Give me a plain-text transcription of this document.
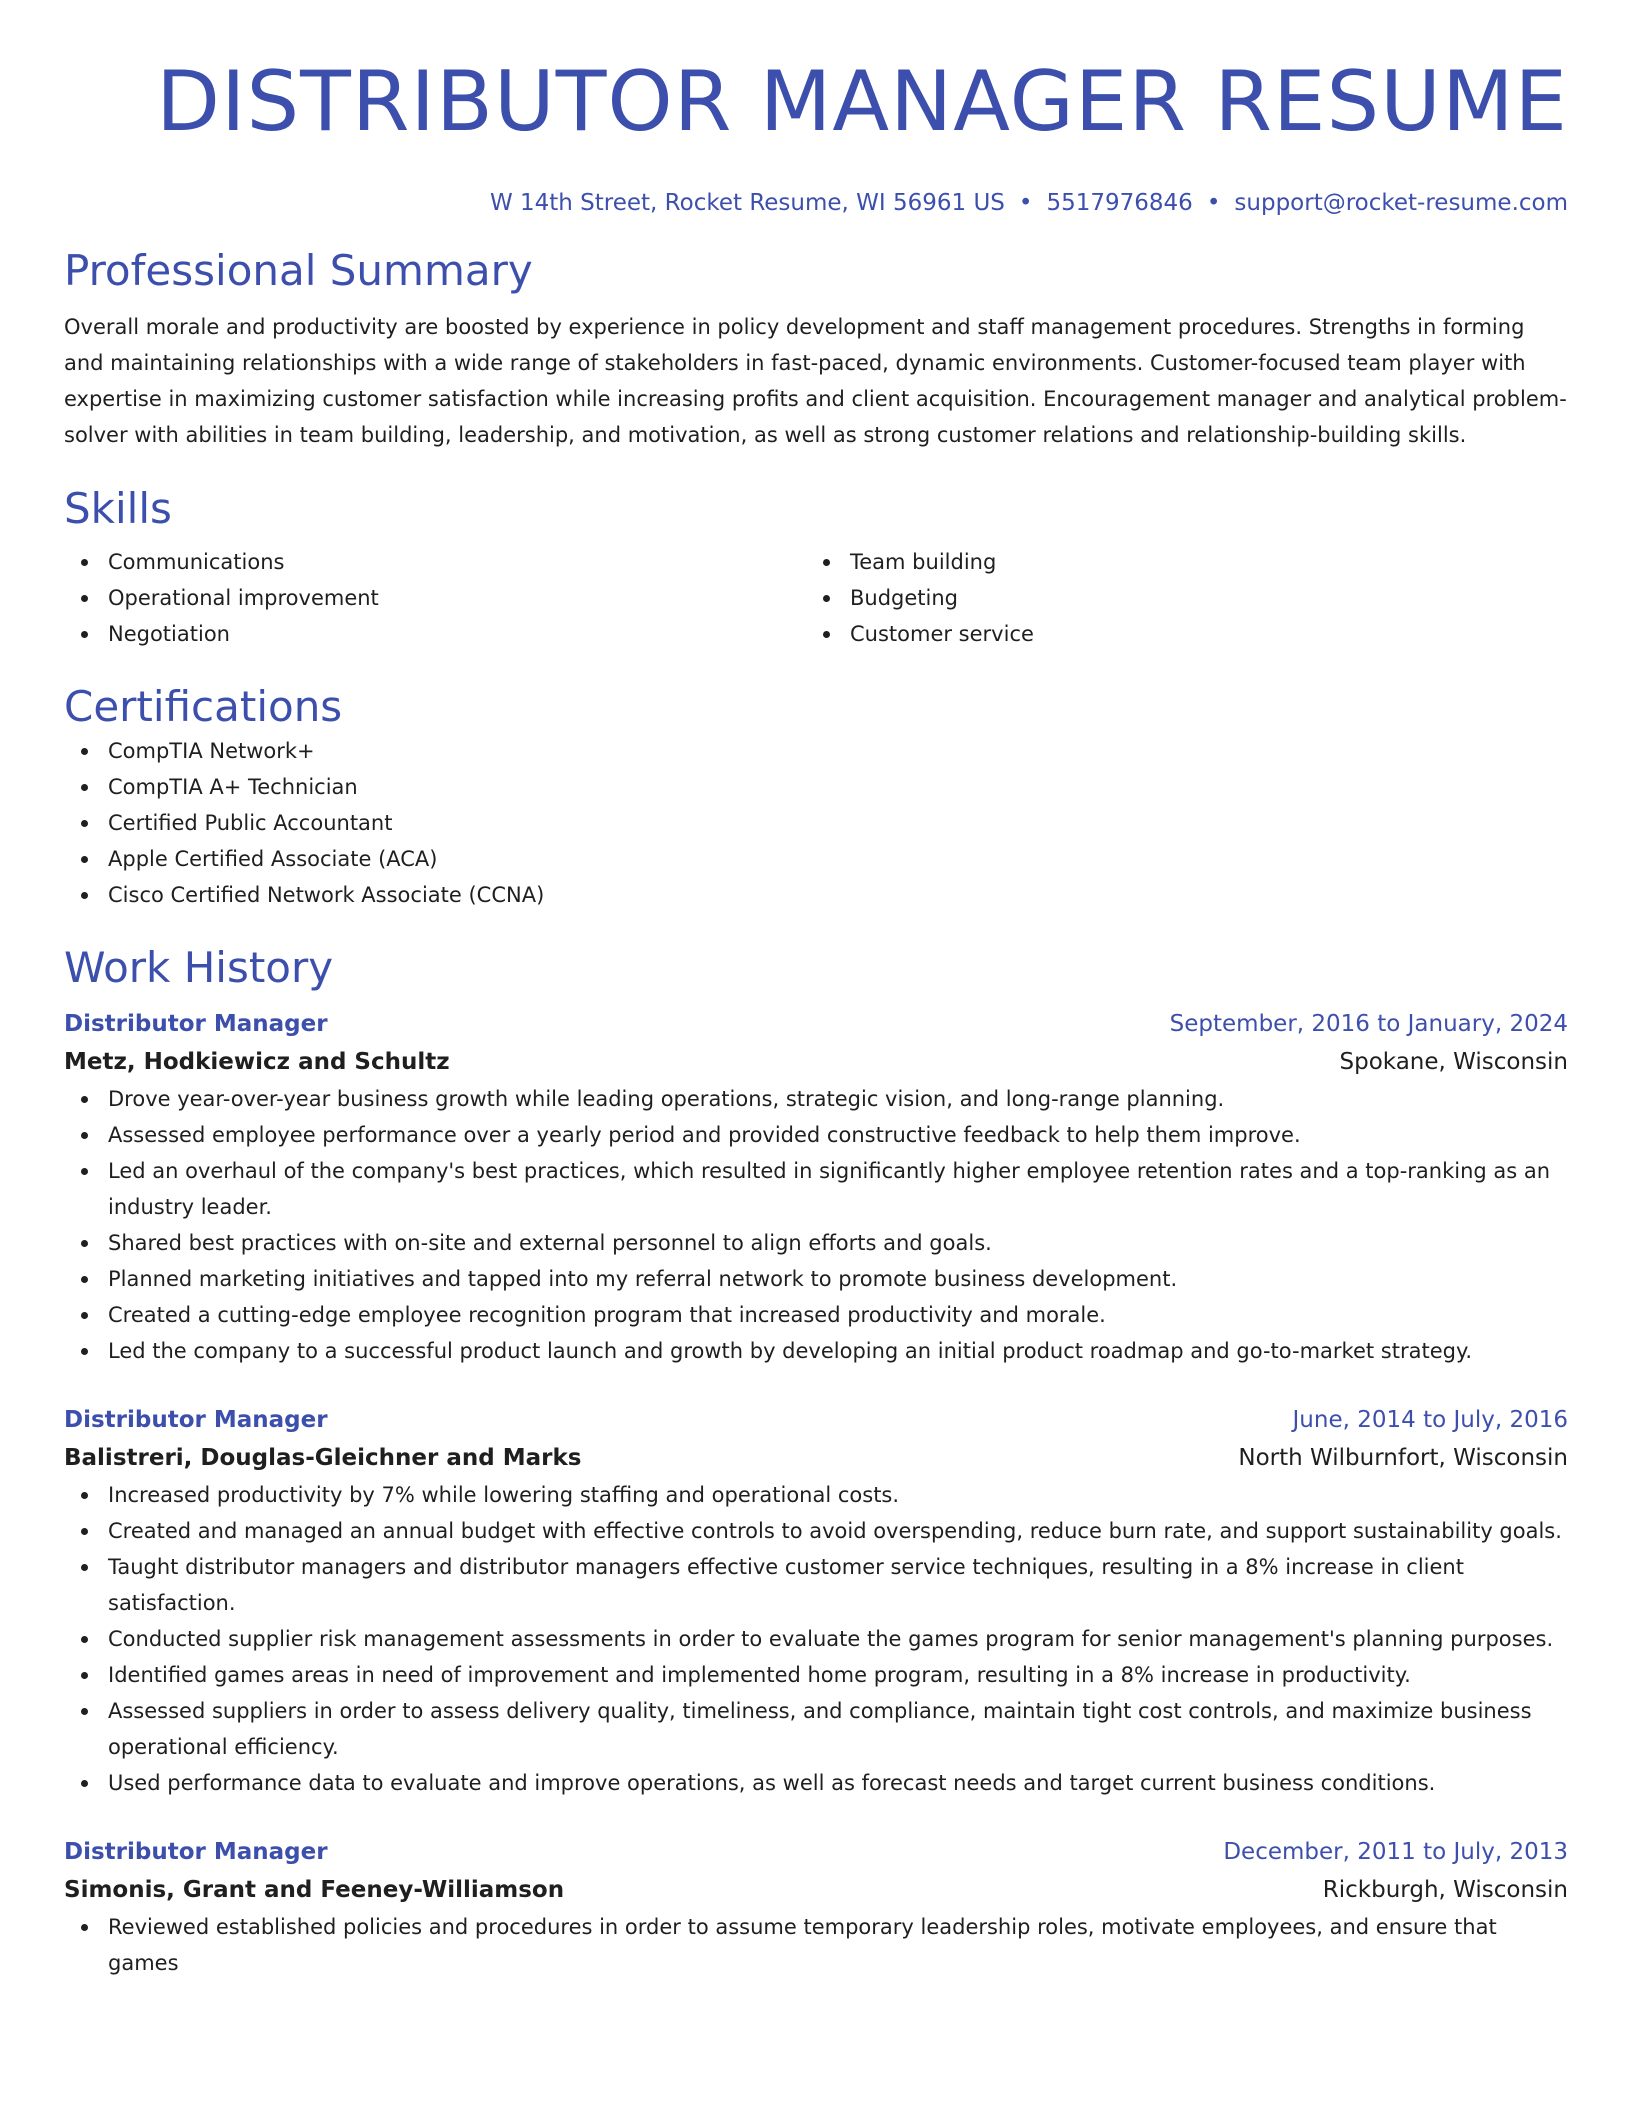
DISTRIBUTOR MANAGER RESUME
W 14th Street, Rocket Resume, WI 56961 US • 5517976846 • support@rocket-resume.com
Professional Summary
Overall morale and productivity are boosted by experience in policy development and staff management procedures. Strengths in forming and maintaining relationships with a wide range of stakeholders in fast-paced, dynamic environments. Customer-focused team player with expertise in maximizing customer satisfaction while increasing profits and client acquisition. Encouragement manager and analytical problem-solver with abilities in team building, leadership, and motivation, as well as strong customer relations and relationship-building skills.
Skills
Communications
Operational improvement
Negotiation
Team building
Budgeting
Customer service
Certifications
CompTIA Network+
CompTIA A+ Technician
Certified Public Accountant
Apple Certified Associate (ACA)
Cisco Certified Network Associate (CCNA)
Work History
Distributor Manager	September, 2016 to January, 2024
Metz, Hodkiewicz and Schultz	Spokane, Wisconsin
Drove year-over-year business growth while leading operations, strategic vision, and long-range planning.
Assessed employee performance over a yearly period and provided constructive feedback to help them improve.
Led an overhaul of the company's best practices, which resulted in significantly higher employee retention rates and a top-ranking as an industry leader.
Shared best practices with on-site and external personnel to align efforts and goals.
Planned marketing initiatives and tapped into my referral network to promote business development.
Created a cutting-edge employee recognition program that increased productivity and morale.
Led the company to a successful product launch and growth by developing an initial product roadmap and go-to-market strategy.
Distributor Manager	June, 2014 to July, 2016
Balistreri, Douglas-Gleichner and Marks	North Wilburnfort, Wisconsin
Increased productivity by 7% while lowering staffing and operational costs.
Created and managed an annual budget with effective controls to avoid overspending, reduce burn rate, and support sustainability goals.
Taught distributor managers and distributor managers effective customer service techniques, resulting in a 8% increase in client satisfaction.
Conducted supplier risk management assessments in order to evaluate the games program for senior management's planning purposes.
Identified games areas in need of improvement and implemented home program, resulting in a 8% increase in productivity.
Assessed suppliers in order to assess delivery quality, timeliness, and compliance, maintain tight cost controls, and maximize business operational efficiency.
Used performance data to evaluate and improve operations, as well as forecast needs and target current business conditions.
Distributor Manager	December, 2011 to July, 2013
Simonis, Grant and Feeney-Williamson	Rickburgh, Wisconsin
Reviewed established policies and procedures in order to assume temporary leadership roles, motivate employees, and ensure that games
